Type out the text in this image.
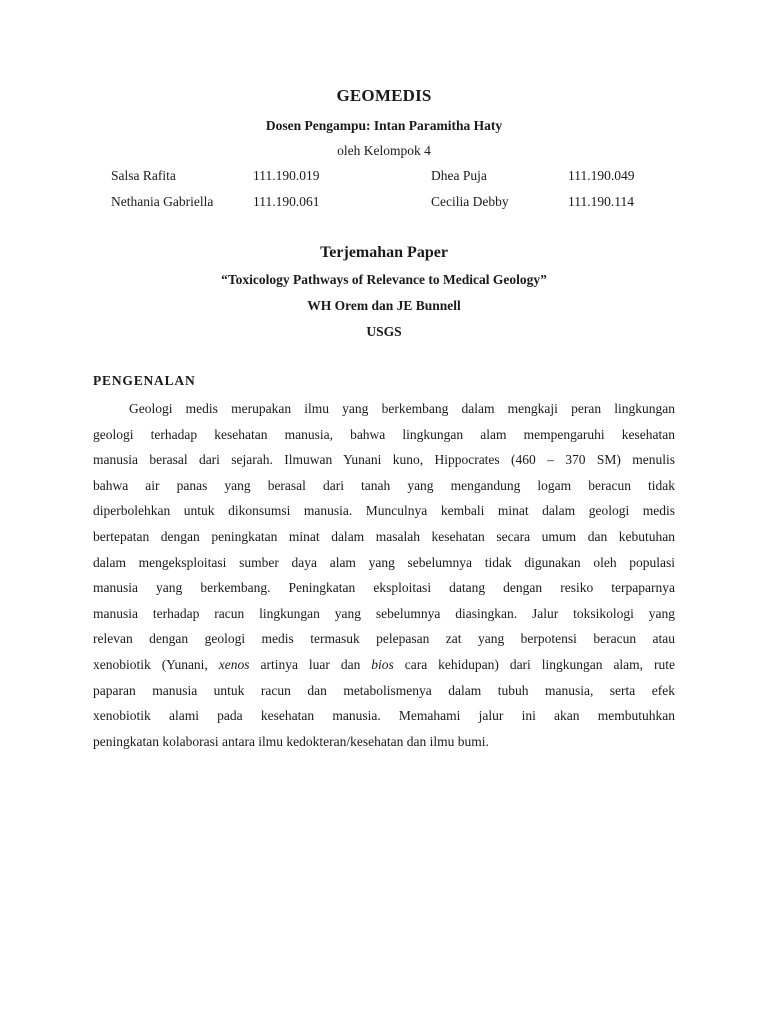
GEOMEDIS
Dosen Pengampu: Intan Paramitha Haty
oleh Kelompok 4
Salsa Rafita	111.190.019	Dhea Puja	111.190.049
Nethania Gabriella	111.190.061	Cecilia Debby	111.190.114
Terjemahan Paper
“Toxicology Pathways of Relevance to Medical Geology”
WH Orem dan JE Bunnell
USGS
PENGENALAN
Geologi medis merupakan ilmu yang berkembang dalam mengkaji peran lingkungan
geologi terhadap kesehatan manusia, bahwa lingkungan alam mempengaruhi kesehatan
manusia berasal dari sejarah. Ilmuwan Yunani kuno, Hippocrates (460 – 370 SM) menulis
bahwa air panas yang berasal dari tanah yang mengandung logam beracun tidak
diperbolehkan untuk dikonsumsi manusia. Munculnya kembali minat dalam geologi medis
bertepatan dengan peningkatan minat dalam masalah kesehatan secara umum dan kebutuhan
dalam mengeksploitasi sumber daya alam yang sebelumnya tidak digunakan oleh populasi
manusia yang berkembang. Peningkatan eksploitasi datang dengan resiko terpaparnya
manusia terhadap racun lingkungan yang sebelumnya diasingkan. Jalur toksikologi yang
relevan dengan geologi medis termasuk pelepasan zat yang berpotensi beracun atau
xenobiotik (Yunani, xenos artinya luar dan bios cara kehidupan) dari lingkungan alam, rute
paparan manusia untuk racun dan metabolismenya dalam tubuh manusia, serta efek
xenobiotik alami pada kesehatan manusia. Memahami jalur ini akan membutuhkan
peningkatan kolaborasi antara ilmu kedokteran/kesehatan dan ilmu bumi.
